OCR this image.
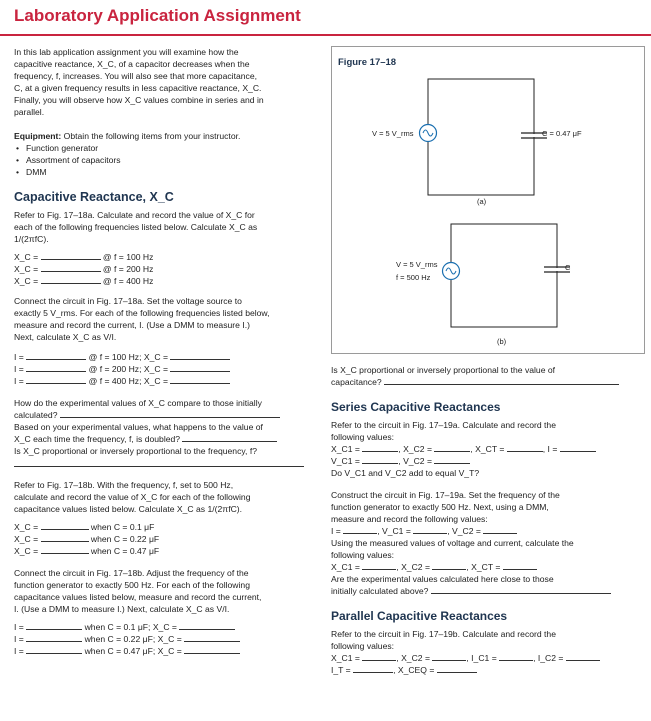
Laboratory Application Assignment

In this lab application assignment you will examine how the

capacitive reactance, X_C, of a capacitor decreases when the

frequency, f, increases. You will also see that more capacitance,

C, at a given frequency results in less capacitive reactance, X_C.

Finally, you will observe how X_C values combine in series and in

parallel.

Equipment: Obtain the following items from your instructor.

• Function generator
• Assortment of capacitors
• DMM

Capacitive Reactance, X_C

Refer to Fig. 17–18a. Calculate and record the value of X_C for

each of the following frequencies listed below. Calculate X_C as

1/(2πfC).

X_C =	@ f = 100 Hz
X_C =	@ f = 200 Hz
X_C =	@ f = 400 Hz

Connect the circuit in Fig. 17–18a. Set the voltage source to

exactly 5 V_rms. For each of the following frequencies listed below,

measure and record the current, I. (Use a DMM to measure I.)

Next, calculate X_C as V/I.

I =	@ f = 100 Hz; X_C =
I =	@ f = 200 Hz; X_C =
I =	@ f = 400 Hz; X_C =

How do the experimental values of X_C compare to those initially

calculated?

Based on your experimental values, what happens to the value of

X_C each time the frequency, f, is doubled?

Is X_C proportional or inversely proportional to the frequency, f?

Refer to Fig. 17–18b. With the frequency, f, set to 500 Hz,

calculate and record the value of X_C for each of the following

capacitance values listed below. Calculate X_C as 1/(2πfC).

X_C =	when C = 0.1 μF
X_C =	when C = 0.22 μF
X_C =	when C = 0.47 μF

Connect the circuit in Fig. 17–18b. Adjust the frequency of the

function generator to exactly 500 Hz. For each of the following

capacitance values listed below, measure and record the current,

I. (Use a DMM to measure I.) Next, calculate X_C as V/I.

I =	when C = 0.1 μF; X_C =
I =	when C = 0.22 μF; X_C =
I =	when C = 0.47 μF; X_C =
Figure 17–18
V = 5 V_rms	C = 0.47 μF
(a)
V = 5 V_rms
f = 500 Hz
C
(b)

Is X_C proportional or inversely proportional to the value of

capacitance?

Series Capacitive Reactances

Refer to the circuit in Fig. 17–19a. Calculate and record the

following values:

X_C1 =	, X_C2 =	, X_CT =	, I =
V_C1 =	, V_C2 =

Do V_C1 and V_C2 add to equal V_T?

Construct the circuit in Fig. 17–19a. Set the frequency of the

function generator to exactly 500 Hz. Next, using a DMM,

measure and record the following values:

I =	, V_C1 =	, V_C2 =

Using the measured values of voltage and current, calculate the

following values:

X_C1 =	, X_C2 =	, X_CT =

Are the experimental values calculated here close to those

initially calculated above?

Parallel Capacitive Reactances

Refer to the circuit in Fig. 17–19b. Calculate and record the

following values:

X_C1 =	, X_C2 =	, I_C1 =	, I_C2 =
I_T =	, X_CEQ =
